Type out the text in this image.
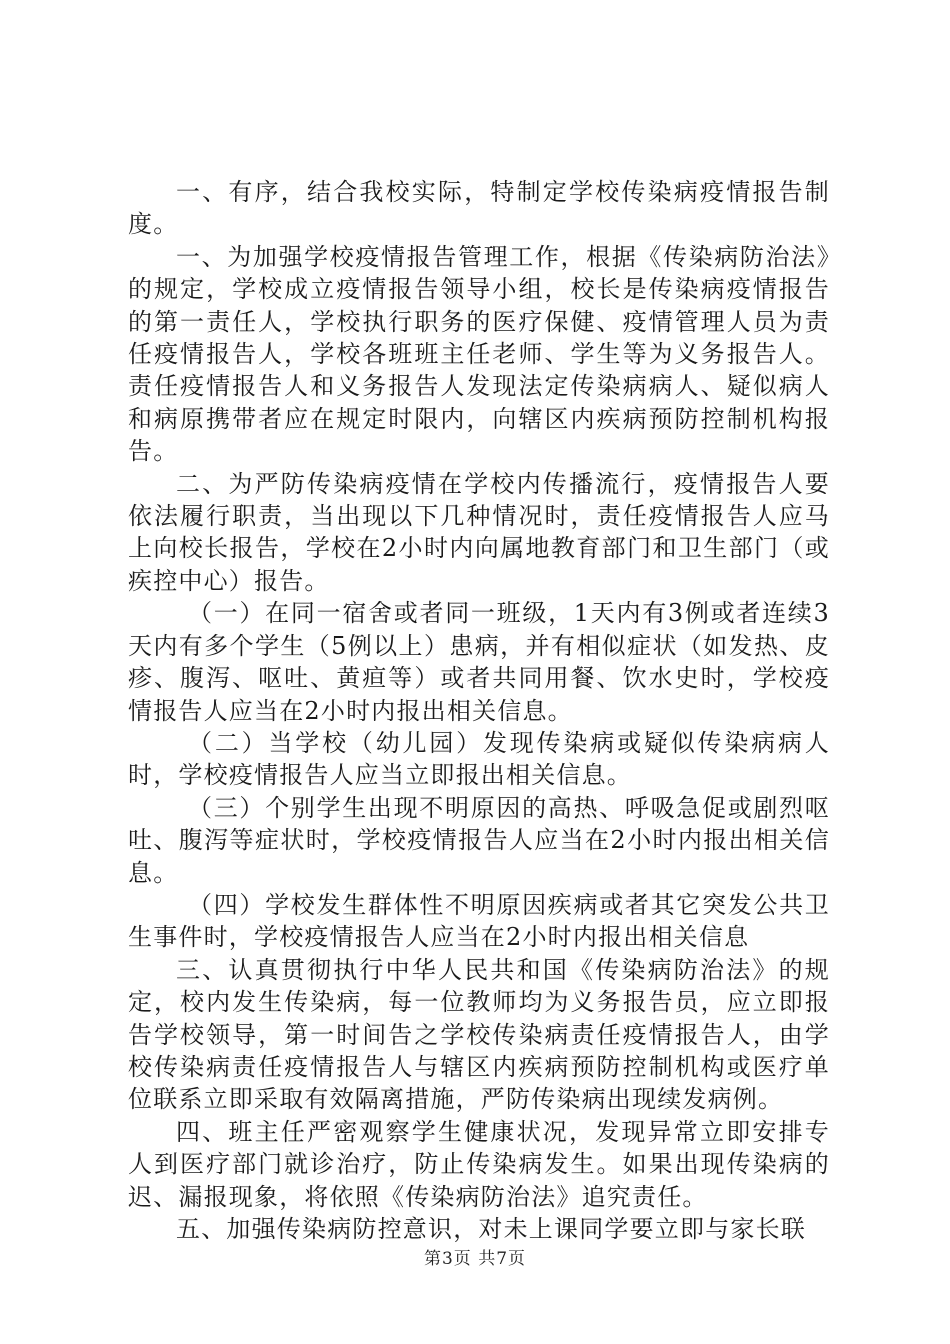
一、有序，结合我校实际，特制定学校传染病疫情报告制度。

一、为加强学校疫情报告管理工作，根据《传染病防治法》的规定，学校成立疫情报告领导小组，校长是传染病疫情报告的第一责任人，学校执行职务的医疗保健、疫情管理人员为责任疫情报告人，学校各班班主任老师、学生等为义务报告人。责任疫情报告人和义务报告人发现法定传染病病人、疑似病人和病原携带者应在规定时限内，向辖区内疾病预防控制机构报告。

二、为严防传染病疫情在学校内传播流行，疫情报告人要依法履行职责，当出现以下几种情况时，责任疫情报告人应马上向校长报告，学校在2小时内向属地教育部门和卫生部门（或疾控中心）报告。

（一）在同一宿舍或者同一班级，1天内有3例或者连续3天内有多个学生（5例以上）患病，并有相似症状（如发热、皮疹、腹泻、呕吐、黄疸等）或者共同用餐、饮水史时，学校疫情报告人应当在2小时内报出相关信息。

（二）当学校（幼儿园）发现传染病或疑似传染病病人时，学校疫情报告人应当立即报出相关信息。

（三）个别学生出现不明原因的高热、呼吸急促或剧烈呕吐、腹泻等症状时，学校疫情报告人应当在2小时内报出相关信息。

（四）学校发生群体性不明原因疾病或者其它突发公共卫生事件时，学校疫情报告人应当在2小时内报出相关信息

三、认真贯彻执行中华人民共和国《传染病防治法》的规定，校内发生传染病，每一位教师均为义务报告员，应立即报告学校领导，第一时间告之学校传染病责任疫情报告人，由学校传染病责任疫情报告人与辖区内疾病预防控制机构或医疗单位联系立即采取有效隔离措施，严防传染病出现续发病例。

四、班主任严密观察学生健康状况，发现异常立即安排专人到医疗部门就诊治疗，防止传染病发生。如果出现传染病的迟、漏报现象，将依照《传染病防治法》追究责任。

五、加强传染病防控意识，对未上课同学要立即与家长联

第3页 共7页
